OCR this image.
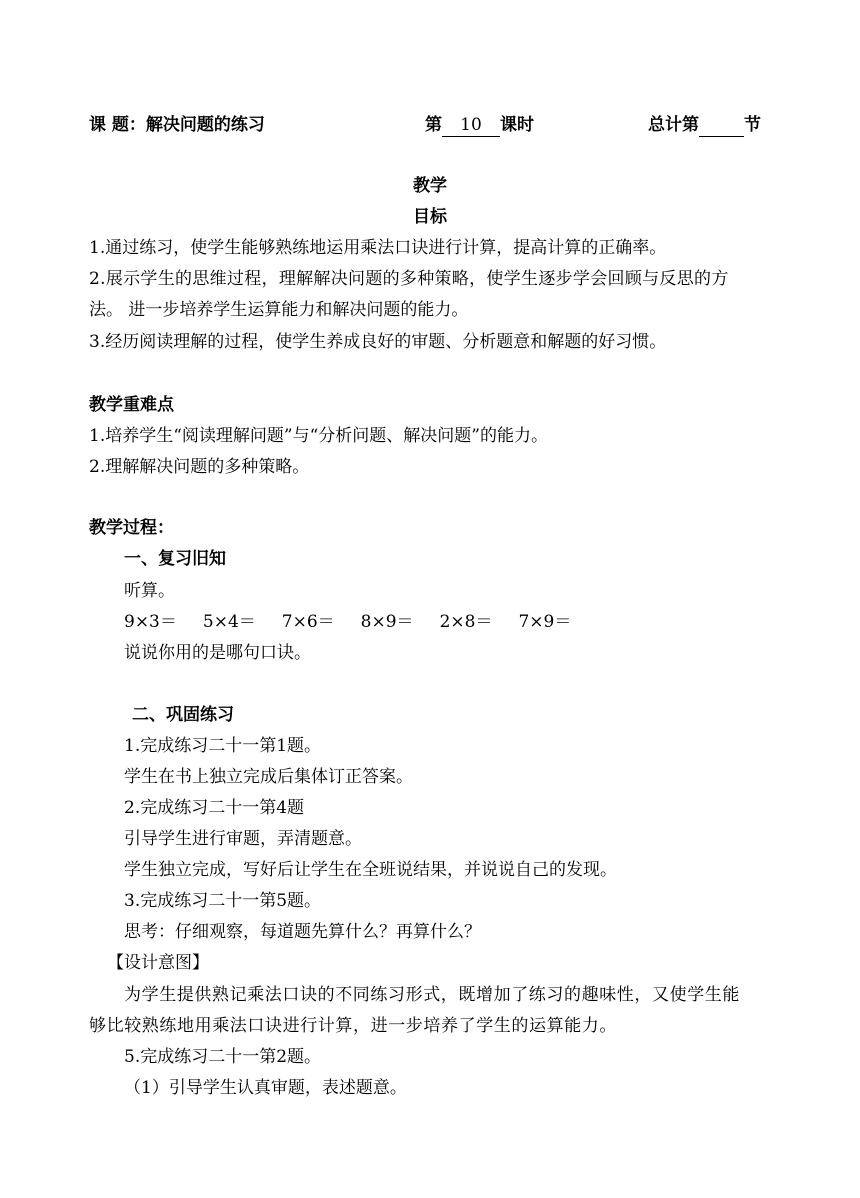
课 题：解决问题的练习	第 10 课时	总计第	节
教学
目标
1.通过练习，使学生能够熟练地运用乘法口诀进行计算，提高计算的正确率。
2.展示学生的思维过程，理解解决问题的多种策略，使学生逐步学会回顾与反思的方
法。 进一步培养学生运算能力和解决问题的能力。
3.经历阅读理解的过程，使学生养成良好的审题、分析题意和解题的好习惯。
教学重难点
1.培养学生“阅读理解问题”与“分析问题、解决问题”的能力。
2.理解解决问题的多种策略。
教学过程：
一、复习旧知
听算。
9×3＝ 5×4＝ 7×6＝ 8×9＝ 2×8＝ 7×9＝
说说你用的是哪句口诀。
二、巩固练习
1.完成练习二十一第1题。
学生在书上独立完成后集体订正答案。
2.完成练习二十一第4题
引导学生进行审题，弄清题意。
学生独立完成，写好后让学生在全班说结果，并说说自己的发现。
3.完成练习二十一第5题。
思考：仔细观察，每道题先算什么？再算什么？
【设计意图】
为学生提供熟记乘法口诀的不同练习形式，既增加了练习的趣味性，又使学生能
够比较熟练地用乘法口诀进行计算，进一步培养了学生的运算能力。
5.完成练习二十一第2题。
（1）引导学生认真审题，表述题意。
